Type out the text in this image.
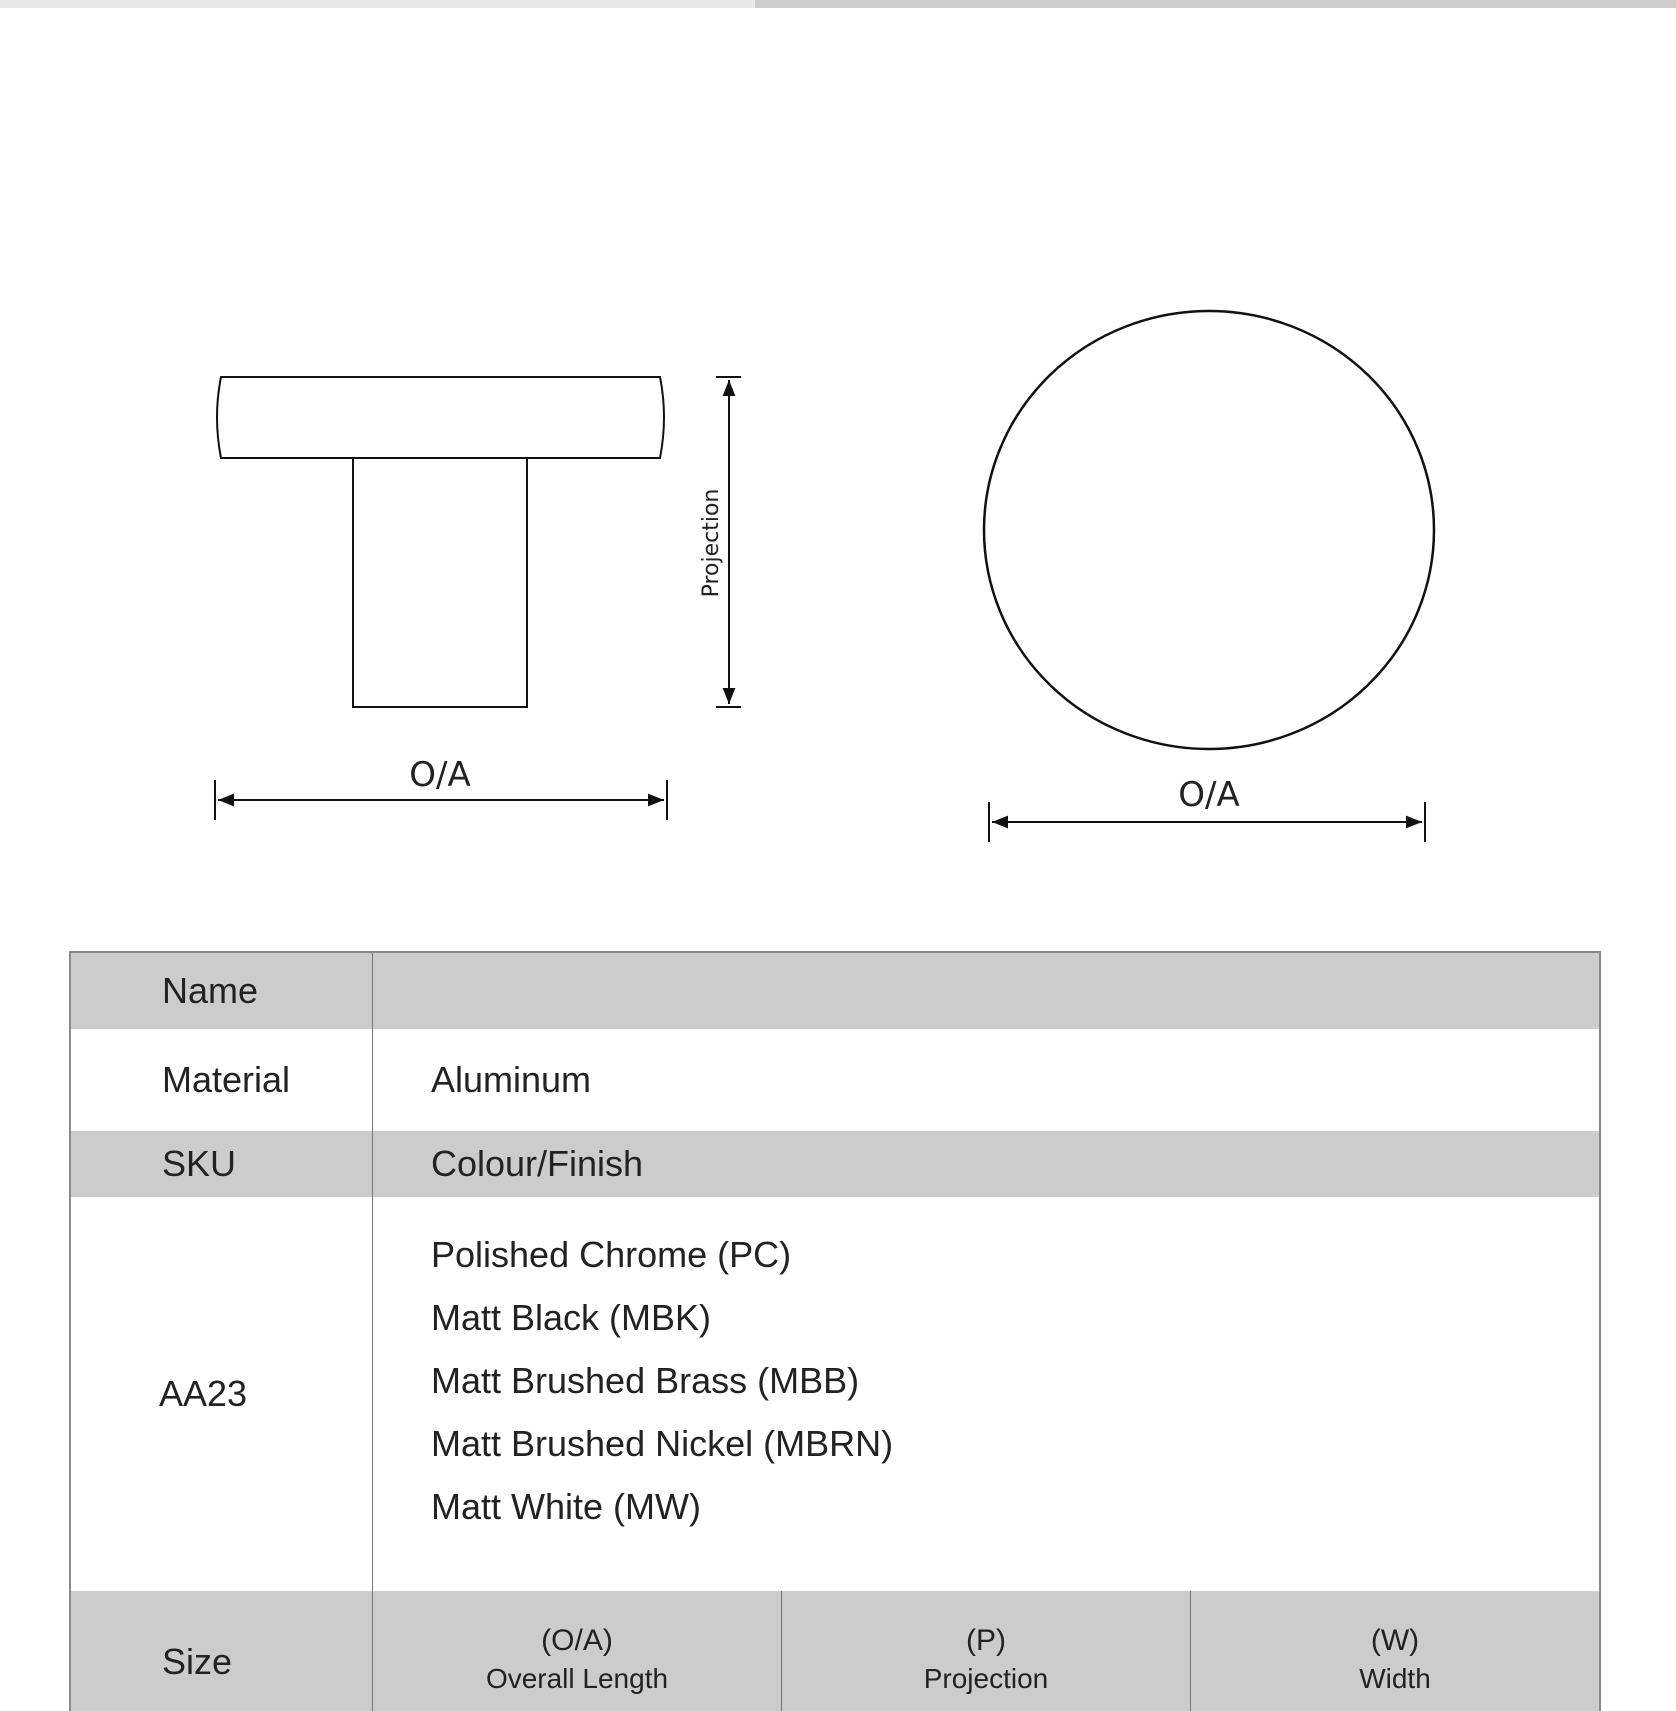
O/A
Projection
O/A
Name
Material	Aluminum
SKU	Colour/Finish
AA23
Polished Chrome (PC)
Matt Black (MBK)
Matt Brushed Brass (MBB)
Matt Brushed Nickel (MBRN)
Matt White (MW)
Size
(O/A)
Overall Length
(P)
Projection
(W)
Width
